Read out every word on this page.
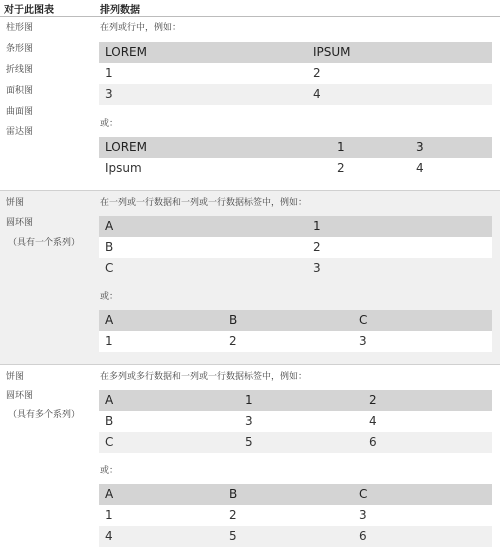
对于此图表	排列数据
柱形图
条形图
折线图
面积图
曲面图
雷达图
在列或行中，例如：
LOREM	IPSUM
1	2
3	4
或：
LOREM	1	3
Ipsum	2	4
饼图
圆环图
（具有一个系列）
在一列或一行数据和一列或一行数据标签中，例如：
A	1
B	2
C	3
或：
A	B	C
1	2	3
饼图
圆环图
（具有多个系列）
在多列或多行数据和一列或一行数据标签中，例如：
A	1	2
B	3	4
C	5	6
或：
A	B	C
1	2	3
4	5	6
